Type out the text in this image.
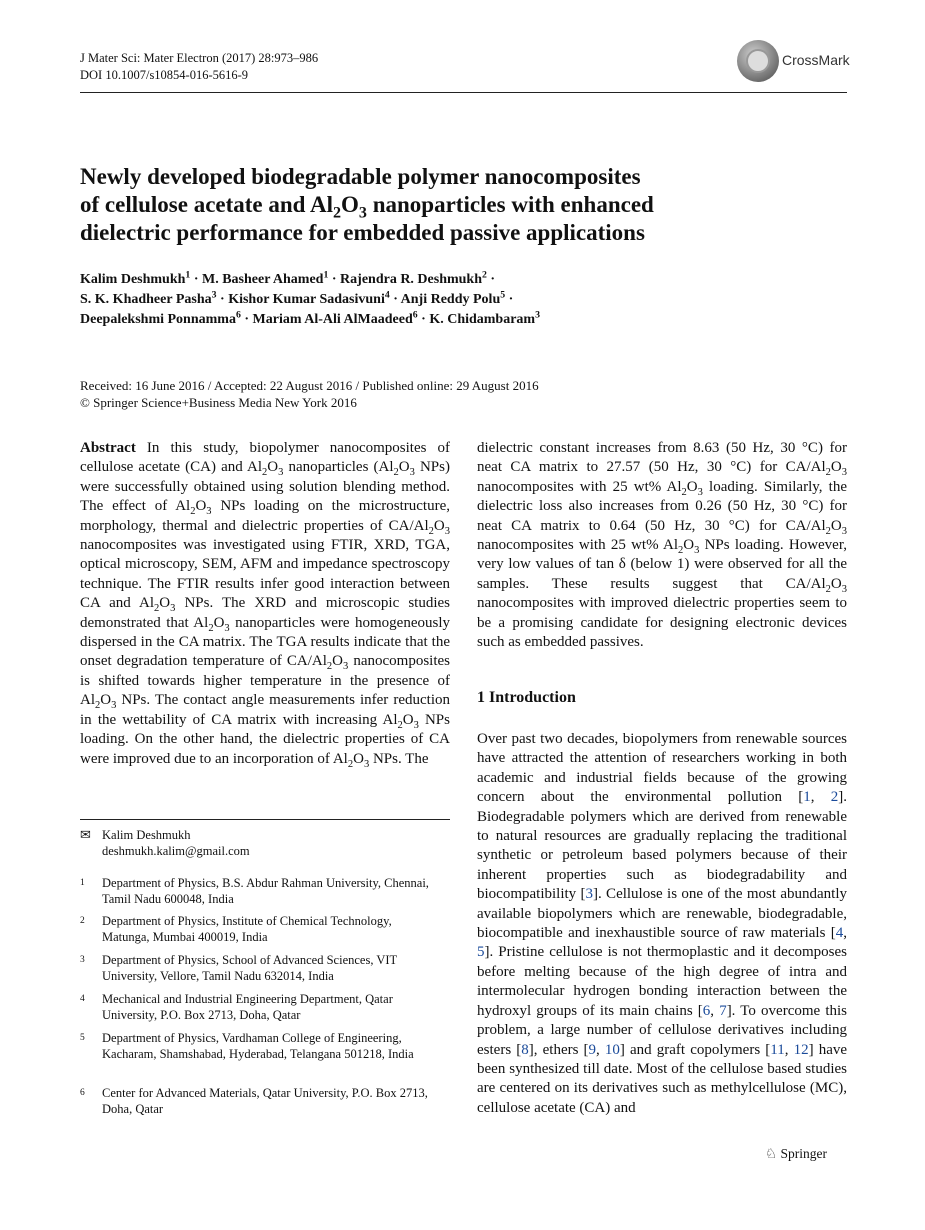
J Mater Sci: Mater Electron (2017) 28:973–986
DOI 10.1007/s10854-016-5616-9
CrossMark
Newly developed biodegradable polymer nanocomposites
of cellulose acetate and $Al_2O_3$ nanoparticles with enhanced
dielectric performance for embedded passive applications
Kalim Deshmukh$^1$ · M. Basheer Ahamed$^1$ · Rajendra R. Deshmukh$^2$ ·
S. K. Khadheer Pasha$^3$ · Kishor Kumar Sadasivuni$^4$ · Anji Reddy Polu$^5$ ·
Deepalekshmi Ponnamma$^6$ · Mariam Al-Ali AlMaadeed$^6$ · K. Chidambaram$^3$
Received: 16 June 2016 / Accepted: 22 August 2016 / Published online: 29 August 2016
© Springer Science+Business Media New York 2016

Abstract In this study, biopolymer nanocomposites of cellulose acetate (CA) and $Al_2O_3$ nanoparticles ($Al_2O_3$ NPs) were successfully obtained using solution blending method. The effect of $Al_2O_3$ NPs loading on the microstructure, morphology, thermal and dielectric properties of $CA/Al_2O_3$ nanocomposites was investigated using FTIR, XRD, TGA, optical microscopy, SEM, AFM and impedance spectroscopy technique. The FTIR results infer good interaction between CA and $Al_2O_3$ NPs. The XRD and microscopic studies demonstrated that $Al_2O_3$ nanoparticles were homogeneously dispersed in the CA matrix. The TGA results indicate that the onset degradation temperature of $CA/Al_2O_3$ nanocomposites is shifted towards higher temperature in the presence of $Al_2O_3$ NPs. The contact angle measurements infer reduction in the wettability of CA matrix with increasing $Al_2O_3$ NPs loading. On the other hand, the dielectric properties of CA were improved due to an incorporation of $Al_2O_3$ NPs. The

dielectric constant increases from 8.63 (50 Hz, 30 °C) for neat CA matrix to 27.57 (50 Hz, 30 °C) for $CA/Al_2O_3$ nanocomposites with 25 wt% $Al_2O_3$ loading. Similarly, the dielectric loss also increases from 0.26 (50 Hz, 30 °C) for neat CA matrix to 0.64 (50 Hz, 30 °C) for $CA/Al_2O_3$ nanocomposites with 25 wt% $Al_2O_3$ NPs loading. However, very low values of tan δ (below 1) were observed for all the samples. These results suggest that $CA/Al_2O_3$ nanocomposites with improved dielectric properties seem to be a promising candidate for designing electronic devices such as embedded passives.

1 Introduction

Over past two decades, biopolymers from renewable sources have attracted the attention of researchers working in both academic and industrial fields because of the growing concern about the environmental pollution [1, 2]. Biodegradable polymers which are derived from renewable to natural resources are gradually replacing the traditional synthetic or petroleum based polymers because of their inherent properties such as biodegradability and biocompatibility [3]. Cellulose is one of the most abundantly available biopolymers which are renewable, biodegradable, biocompatible and inexhaustible source of raw materials [4, 5]. Pristine cellulose is not thermoplastic and it decomposes before melting because of the high degree of intra and intermolecular hydrogen bonding interaction between the hydroxyl groups of its main chains [6, 7]. To overcome this problem, a large number of cellulose derivatives including esters [8], ethers [9, 10] and graft copolymers [11, 12] have been synthesized till date. Most of the cellulose based studies are centered on its derivatives such as methylcellulose (MC), cellulose acetate (CA) and

✉ Kalim Deshmukh
deshmukh.kalim@gmail.com
1 Department of Physics, B.S. Abdur Rahman University, Chennai, Tamil Nadu 600048, India
2 Department of Physics, Institute of Chemical Technology, Matunga, Mumbai 400019, India
3 Department of Physics, School of Advanced Sciences, VIT University, Vellore, Tamil Nadu 632014, India
4 Mechanical and Industrial Engineering Department, Qatar University, P.O. Box 2713, Doha, Qatar
5 Department of Physics, Vardhaman College of Engineering, Kacharam, Shamshabad, Hyderabad, Telangana 501218, India
6 Center for Advanced Materials, Qatar University, P.O. Box 2713, Doha, Qatar
♘ Springer
